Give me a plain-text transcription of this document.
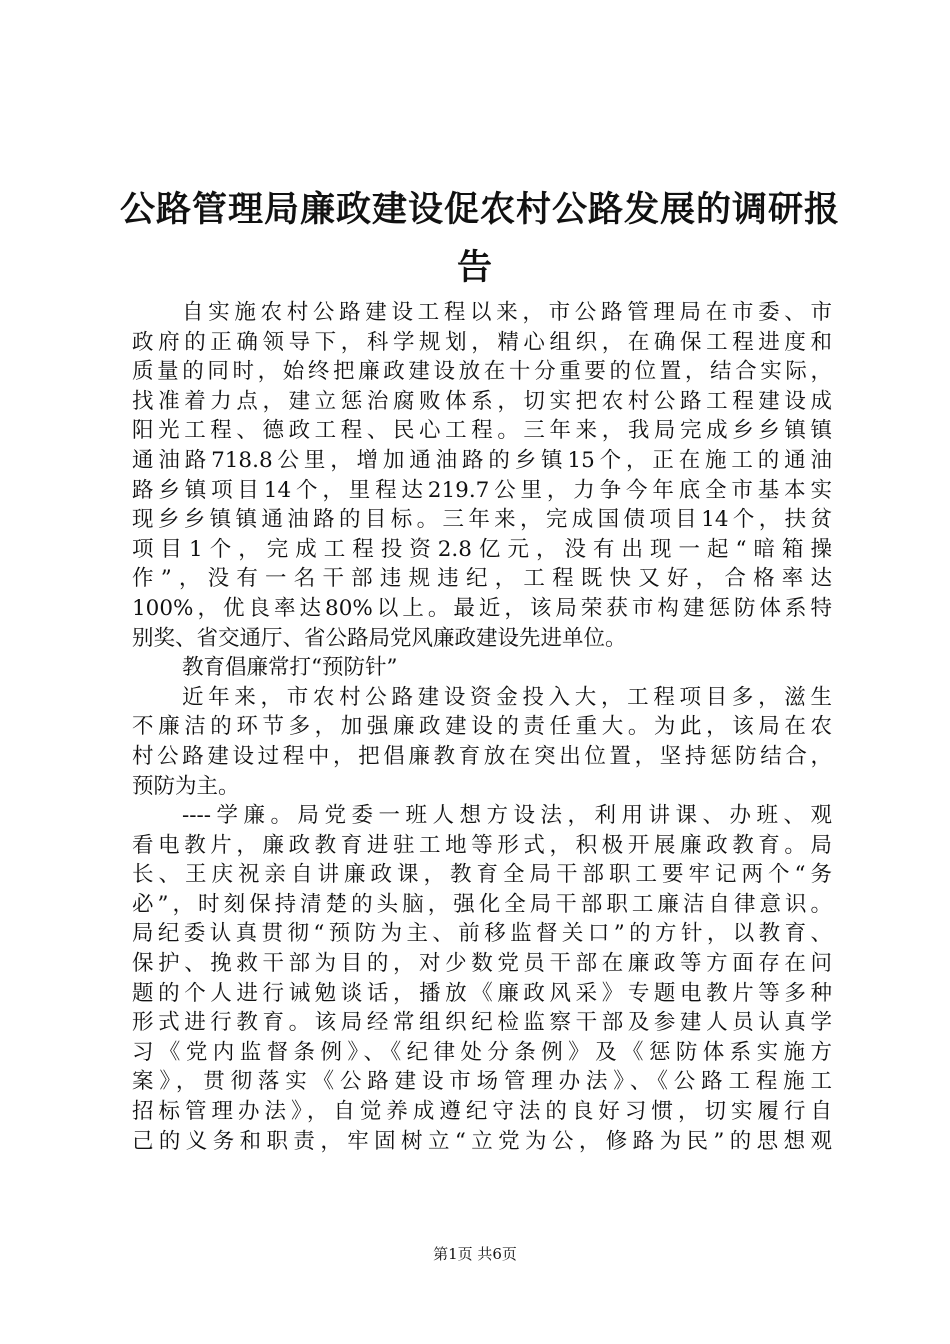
公路管理局廉政建设促农村公路发展的调研报
告
自实施农村公路建设工程以来，市公路管理局在市委、市
政府的正确领导下，科学规划，精心组织，在确保工程进度和
质量的同时，始终把廉政建设放在十分重要的位置，结合实际，
找准着力点，建立惩治腐败体系，切实把农村公路工程建设成
阳光工程、德政工程、民心工程。三年来，我局完成乡乡镇镇
通油路718.8公里，增加通油路的乡镇15个，正在施工的通油
路乡镇项目14个，里程达219.7公里，力争今年底全市基本实
现乡乡镇镇通油路的目标。三年来，完成国债项目14个，扶贫
项目1个，完成工程投资2.8亿元，没有出现一起“暗箱操
作”，没有一名干部违规违纪，工程既快又好，合格率达
100%，优良率达80%以上。最近，该局荣获市构建惩防体系特
别奖、省交通厅、省公路局党风廉政建设先进单位。
教育倡廉常打“预防针”
近年来，市农村公路建设资金投入大，工程项目多，滋生
不廉洁的环节多，加强廉政建设的责任重大。为此，该局在农
村公路建设过程中，把倡廉教育放在突出位置，坚持惩防结合，
预防为主。
----学廉。局党委一班人想方设法，利用讲课、办班、观
看电教片，廉政教育进驻工地等形式，积极开展廉政教育。局
长、王庆祝亲自讲廉政课，教育全局干部职工要牢记两个“务
必”，时刻保持清楚的头脑，强化全局干部职工廉洁自律意识。
局纪委认真贯彻“预防为主、前移监督关口”的方针，以教育、
保护、挽救干部为目的，对少数党员干部在廉政等方面存在问
题的个人进行诫勉谈话，播放《廉政风采》专题电教片等多种
形式进行教育。该局经常组织纪检监察干部及参建人员认真学
习《党内监督条例》、《纪律处分条例》及《惩防体系实施方
案》，贯彻落实《公路建设市场管理办法》、《公路工程施工
招标管理办法》，自觉养成遵纪守法的良好习惯，切实履行自
己的义务和职责，牢固树立“立党为公，修路为民”的思想观
第1页 共6页
